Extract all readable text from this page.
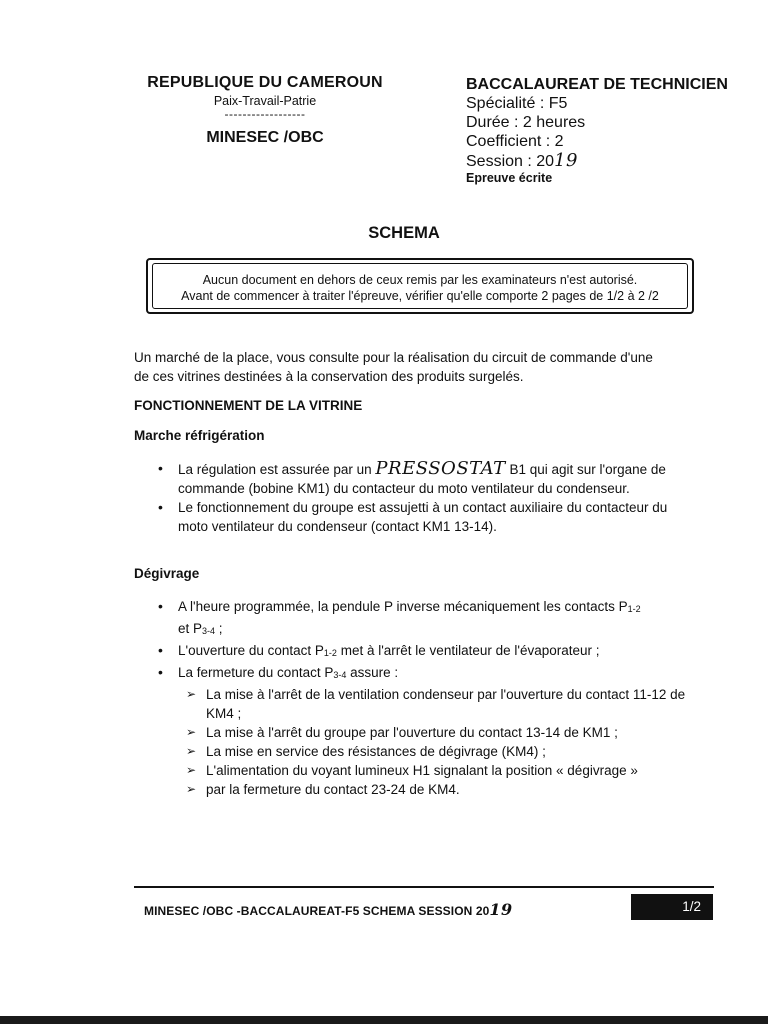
REPUBLIQUE DU CAMEROUN
Paix-Travail-Patrie
------------------
MINESEC /OBC
BACCALAUREAT DE TECHNICIEN
Spécialité : F5
Durée : 2 heures
Coefficient : 2
Session : 2019
Epreuve écrite
SCHEMA
Aucun document en dehors de ceux remis par les examinateurs n'est autorisé.
Avant de commencer à traiter l'épreuve, vérifier qu'elle comporte 2 pages de 1/2 à 2 /2
Un marché de la place, vous consulte pour la réalisation du circuit de commande d'une de ces vitrines destinées à la conservation des produits surgelés.
FONCTIONNEMENT DE LA VITRINE
Marche réfrigération
• La régulation est assurée par un PRESSOSTAT B1 qui agit sur l'organe de commande (bobine KM1) du contacteur du moto ventilateur du condenseur.
• Le fonctionnement du groupe est assujetti à un contact auxiliaire du contacteur du moto ventilateur du condenseur (contact KM1 13-14).
Dégivrage
• A l'heure programmée, la pendule P inverse mécaniquement les contacts $P_{1-2}$
et $P_{3-4}$ ;
• L'ouverture du contact $P_{1-2}$ met à l'arrêt le ventilateur de l'évaporateur ;
• La fermeture du contact $P_{3-4}$ assure :
➢ La mise à l'arrêt de la ventilation condenseur par l'ouverture du contact 11-12 de KM4 ;
➢ La mise à l'arrêt du groupe par l'ouverture du contact 13-14 de KM1 ;
➢ La mise en service des résistances de dégivrage (KM4) ;
➢ L'alimentation du voyant lumineux H1 signalant la position « dégivrage »
➢ par la fermeture du contact 23-24 de KM4.
MINESEC /OBC -BACCALAUREAT-F5 SCHEMA SESSION 2019	1/2
